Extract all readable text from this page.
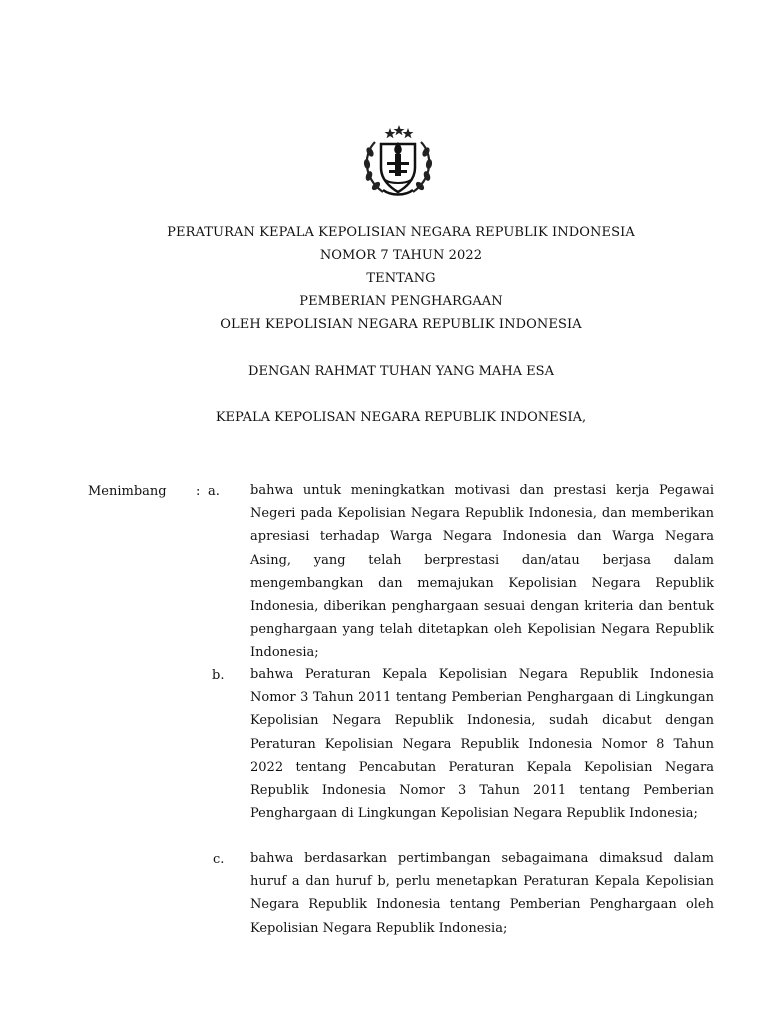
PERATURAN KEPALA KEPOLISIAN NEGARA REPUBLIK INDONESIA
NOMOR 7 TAHUN 2022
TENTANG
PEMBERIAN PENGHARGAAN
OLEH KEPOLISIAN NEGARA REPUBLIK INDONESIA
DENGAN RAHMAT TUHAN YANG MAHA ESA
KEPALA KEPOLISAN NEGARA REPUBLIK INDONESIA,
Menimbang : a. bahwa untuk meningkatkan motivasi dan prestasi kerja Pegawai Negeri pada Kepolisian Negara Republik Indonesia, dan memberikan apresiasi terhadap Warga Negara Indonesia dan Warga Negara Asing, yang telah berprestasi dan/atau berjasa dalam mengembangkan dan memajukan Kepolisian Negara Republik Indonesia, diberikan penghargaan sesuai dengan kriteria dan bentuk penghargaan yang telah ditetapkan oleh Kepolisian Negara Republik Indonesia;
b. bahwa Peraturan Kepala Kepolisian Negara Republik Indonesia Nomor 3 Tahun 2011 tentang Pemberian Penghargaan di Lingkungan Kepolisian Negara Republik Indonesia, sudah dicabut dengan Peraturan Kepolisian Negara Republik Indonesia Nomor 8 Tahun 2022 tentang Pencabutan Peraturan Kepala Kepolisian Negara Republik Indonesia Nomor 3 Tahun 2011 tentang Pemberian Penghargaan di Lingkungan Kepolisian Negara Republik Indonesia;
c. bahwa berdasarkan pertimbangan sebagaimana dimaksud dalam huruf a dan huruf b, perlu menetapkan Peraturan Kepala Kepolisian Negara Republik Indonesia tentang Pemberian Penghargaan oleh Kepolisian Negara Republik Indonesia;
